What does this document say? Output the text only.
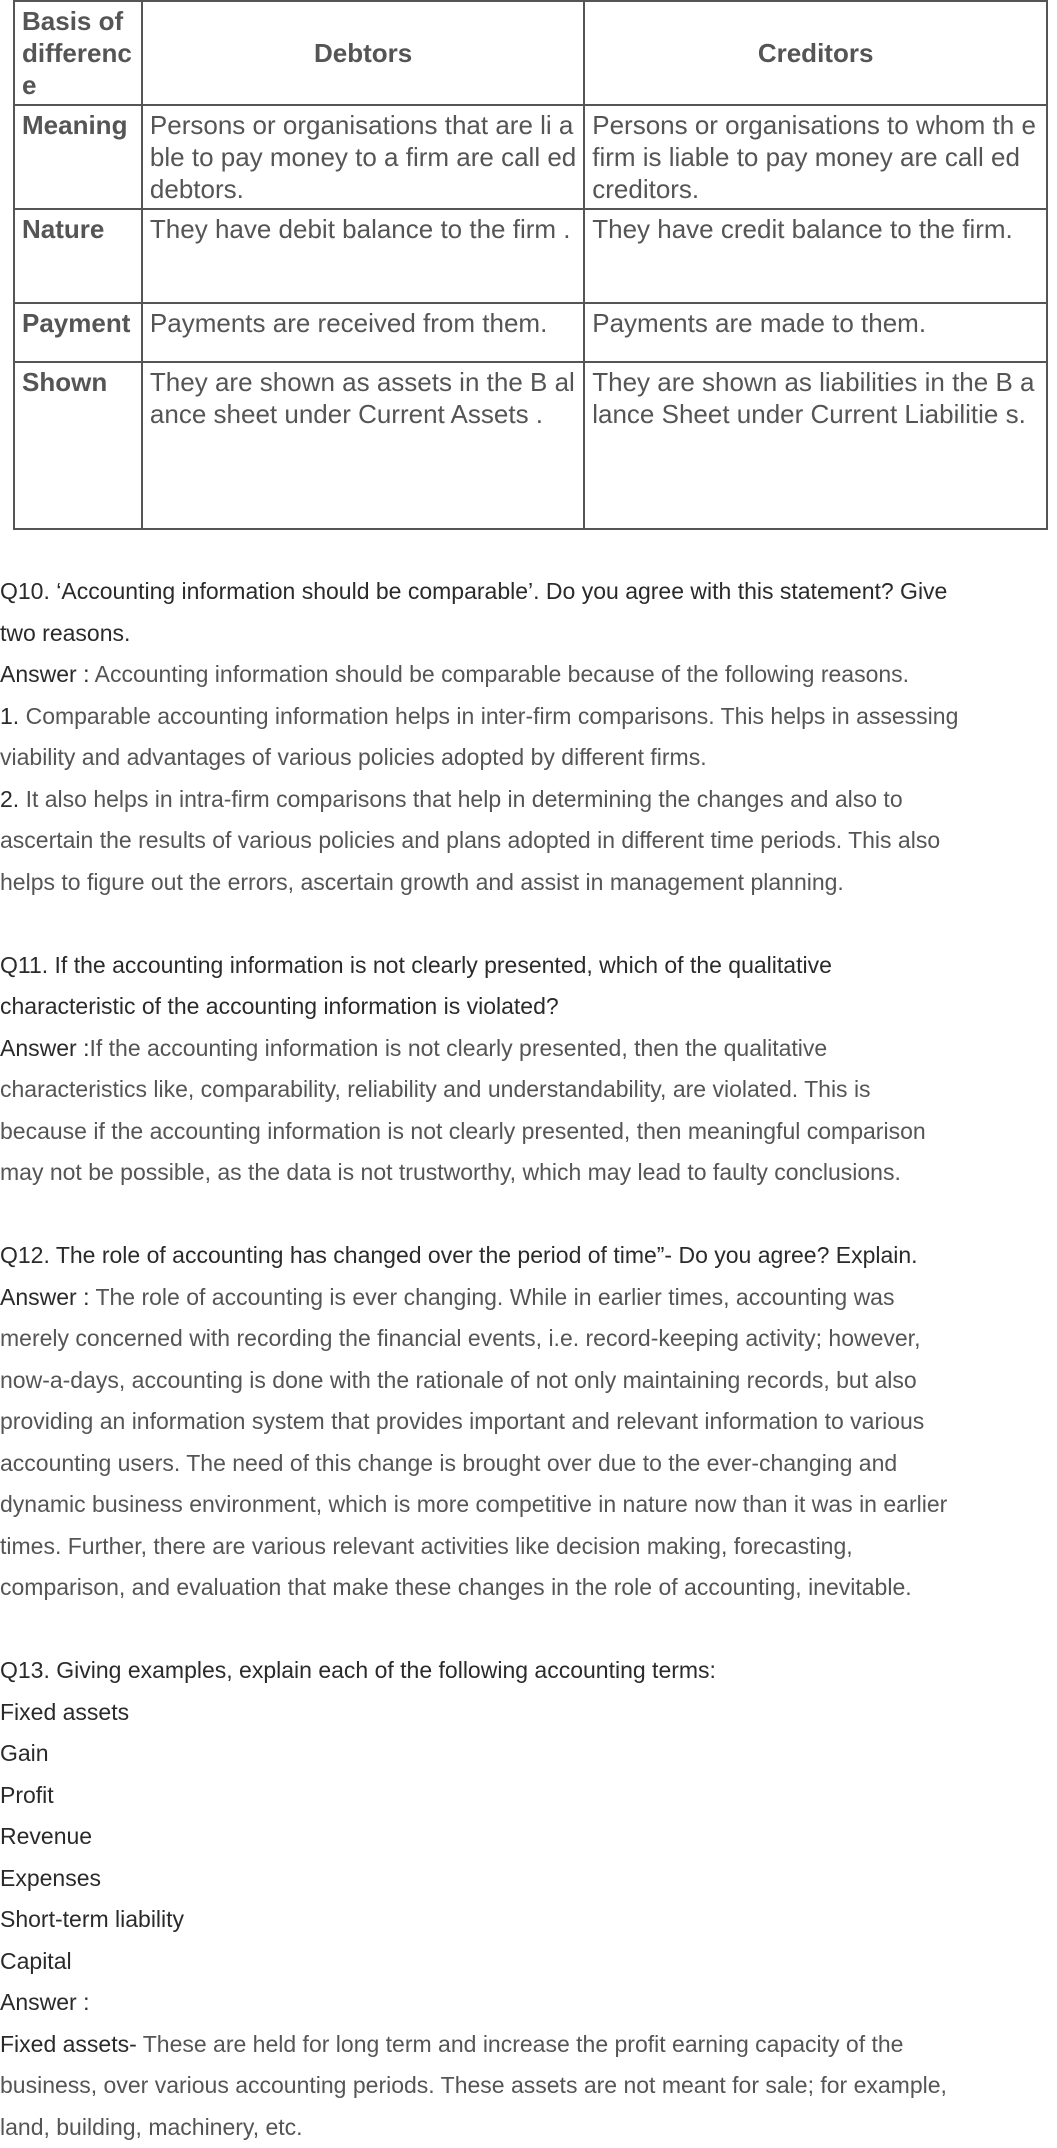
Basis of differenc e	Debtors	Creditors
Meaning	Persons or organisations that are li able to pay money to a firm are call ed debtors.	Persons or organisations to whom th e firm is liable to pay money are call ed creditors.
Nature	They have debit balance to the firm .	They have credit balance to the firm.
Payment	Payments are received from them.	Payments are made to them.
Shown	They are shown as assets in the B alance sheet under Current Assets .	They are shown as liabilities in the B alance Sheet under Current Liabilitie s.
Q10. ‘Accounting information should be comparable’. Do you agree with this statement? Give
two reasons.
Answer : Accounting information should be comparable because of the following reasons.
1. Comparable accounting information helps in inter-firm comparisons. This helps in assessing
viability and advantages of various policies adopted by different firms.
2. It also helps in intra-firm comparisons that help in determining the changes and also to
ascertain the results of various policies and plans adopted in different time periods. This also
helps to figure out the errors, ascertain growth and assist in management planning.
Q11. If the accounting information is not clearly presented, which of the qualitative
characteristic of the accounting information is violated?
Answer :If the accounting information is not clearly presented, then the qualitative
characteristics like, comparability, reliability and understandability, are violated. This is
because if the accounting information is not clearly presented, then meaningful comparison
may not be possible, as the data is not trustworthy, which may lead to faulty conclusions.
Q12. The role of accounting has changed over the period of time”- Do you agree? Explain.
Answer : The role of accounting is ever changing. While in earlier times, accounting was
merely concerned with recording the financial events, i.e. record-keeping activity; however,
now-a-days, accounting is done with the rationale of not only maintaining records, but also
providing an information system that provides important and relevant information to various
accounting users. The need of this change is brought over due to the ever-changing and
dynamic business environment, which is more competitive in nature now than it was in earlier
times. Further, there are various relevant activities like decision making, forecasting,
comparison, and evaluation that make these changes in the role of accounting, inevitable.
Q13. Giving examples, explain each of the following accounting terms:
Fixed assets
Gain
Profit
Revenue
Expenses
Short-term liability
Capital
Answer :
Fixed assets- These are held for long term and increase the profit earning capacity of the
business, over various accounting periods. These assets are not meant for sale; for example,
land, building, machinery, etc.
